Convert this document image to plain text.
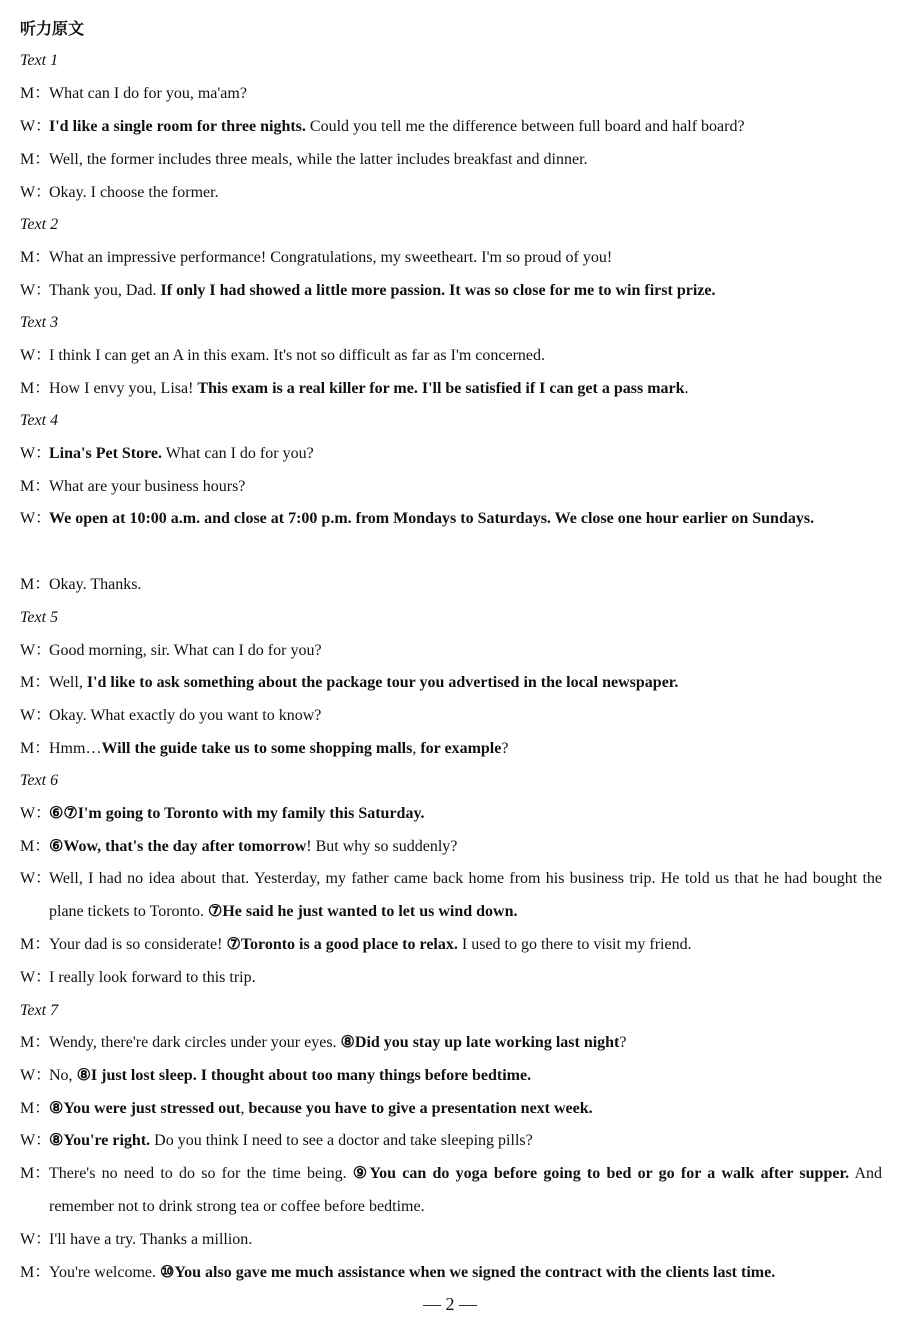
听力原文
Text 1
M：What can I do for you, ma'am?
W：I'd like a single room for three nights. Could you tell me the difference between full board and half board?
M：Well, the former includes three meals, while the latter includes breakfast and dinner.
W：Okay. I choose the former.
Text 2
M：What an impressive performance! Congratulations, my sweetheart. I'm so proud of you!
W：Thank you, Dad. If only I had showed a little more passion. It was so close for me to win first prize.
Text 3
W：I think I can get an A in this exam. It's not so difficult as far as I'm concerned.
M：How I envy you, Lisa! This exam is a real killer for me. I'll be satisfied if I can get a pass mark.
Text 4
W：Lina's Pet Store. What can I do for you?
M：What are your business hours?
W：We open at 10:00 a.m. and close at 7:00 p.m. from Mondays to Saturdays. We close one hour earlier on Sundays.
M：Okay. Thanks.
Text 5
W：Good morning, sir. What can I do for you?
M：Well, I'd like to ask something about the package tour you advertised in the local newspaper.
W：Okay. What exactly do you want to know?
M：Hmm…Will the guide take us to some shopping malls, for example?
Text 6
W：⑥⑦I'm going to Toronto with my family this Saturday.
M：⑥Wow, that's the day after tomorrow! But why so suddenly?
W：Well, I had no idea about that. Yesterday, my father came back home from his business trip. He told us that he had bought the plane tickets to Toronto. ⑦He said he just wanted to let us wind down.
M：Your dad is so considerate! ⑦Toronto is a good place to relax. I used to go there to visit my friend.
W：I really look forward to this trip.
Text 7
M：Wendy, there're dark circles under your eyes. ⑧Did you stay up late working last night?
W：No, ⑧I just lost sleep. I thought about too many things before bedtime.
M：⑧You were just stressed out, because you have to give a presentation next week.
W：⑧You're right. Do you think I need to see a doctor and take sleeping pills?
M：There's no need to do so for the time being. ⑨You can do yoga before going to bed or go for a walk after supper. And remember not to drink strong tea or coffee before bedtime.
W：I'll have a try. Thanks a million.
M：You're welcome. ⑩You also gave me much assistance when we signed the contract with the clients last time.
— 2 —
